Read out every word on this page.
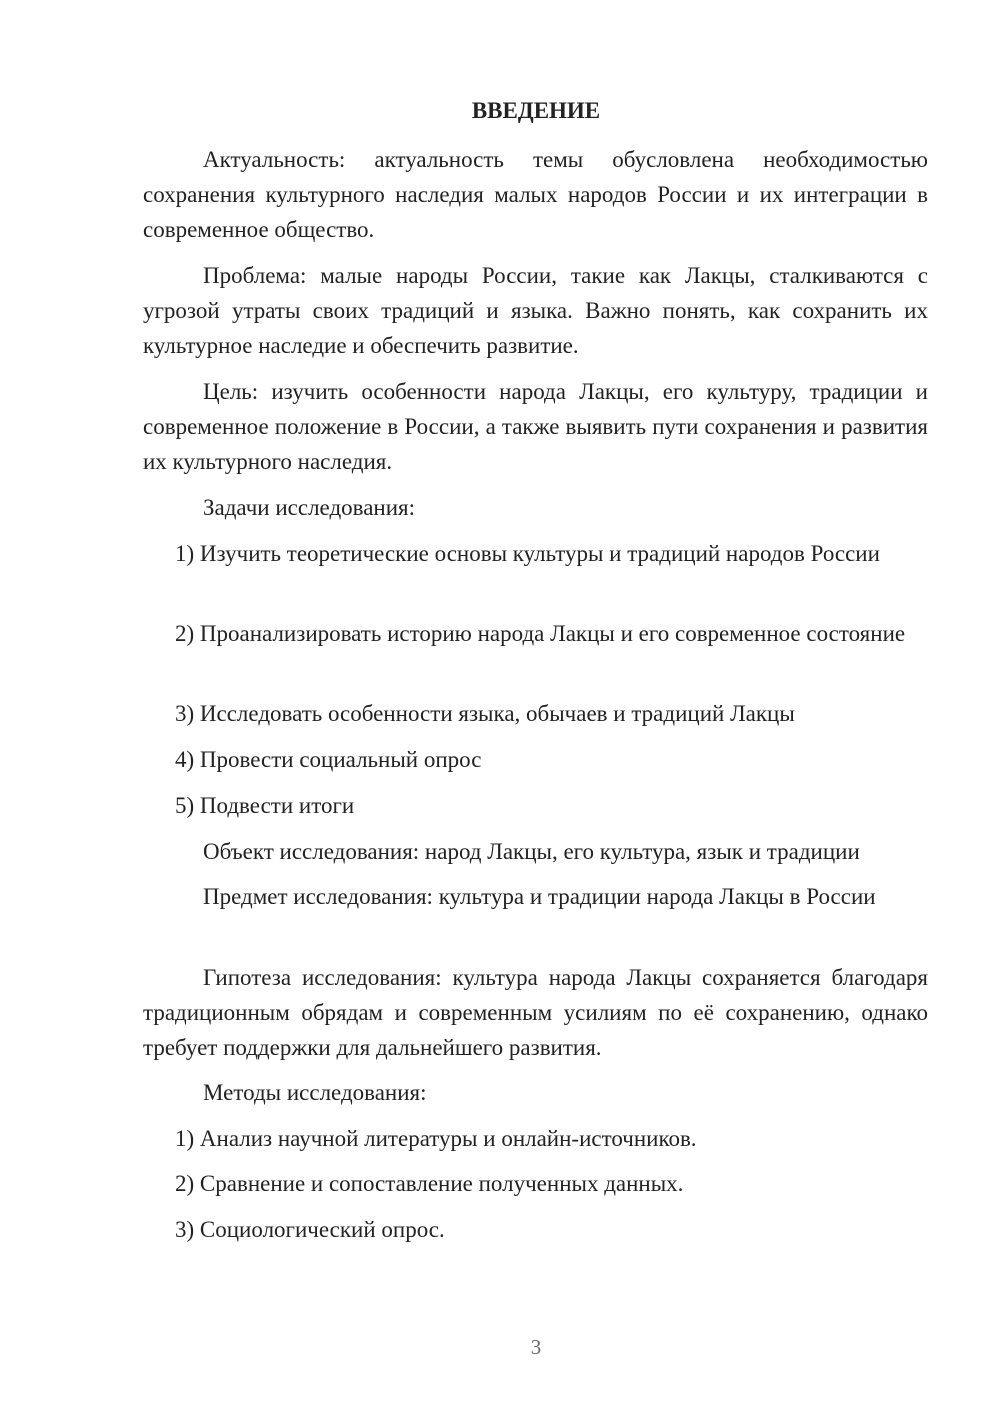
ВВЕДЕНИЕ
Актуальность: актуальность темы обусловлена необходимостью сохранения культурного наследия малых народов России и их интеграции в современное общество.
Проблема: малые народы России, такие как Лакцы, сталкиваются с угрозой утраты своих традиций и языка. Важно понять, как сохранить их культурное наследие и обеспечить развитие.
Цель: изучить особенности народа Лакцы, его культуру, традиции и современное положение в России, а также выявить пути сохранения и развития их культурного наследия.
Задачи исследования:
1) Изучить теоретические основы культуры и традиций народов России
2) Проанализировать историю народа Лакцы и его современное состояние
3) Исследовать особенности языка, обычаев и традиций Лакцы
4) Провести социальный опрос
5) Подвести итоги
Объект исследования: народ Лакцы, его культура, язык и традиции
Предмет исследования: культура и традиции народа Лакцы в России
Гипотеза исследования: культура народа Лакцы сохраняется благодаря традиционным обрядам и современным усилиям по её сохранению, однако требует поддержки для дальнейшего развития.
Методы исследования:
1) Анализ научной литературы и онлайн-источников.
2) Сравнение и сопоставление полученных данных.
3) Социологический опрос.
3
